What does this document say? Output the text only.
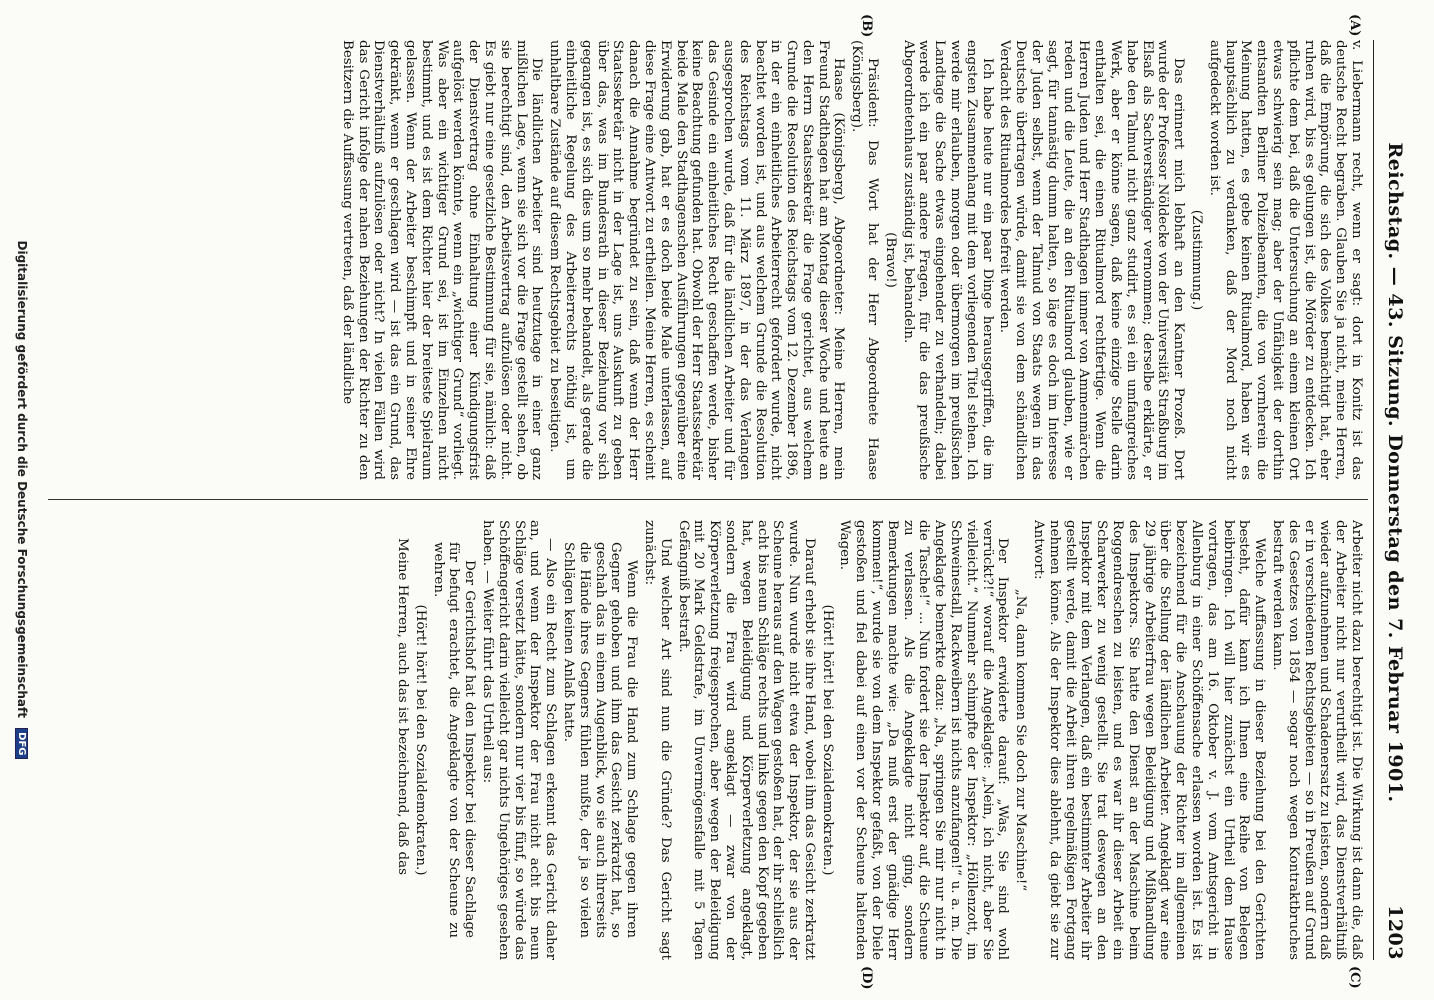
Reichstag. — 43. Sitzung. Donnerstag den 7. Februar 1901.
1203
(A)
(B)
(C)
(D)

v. Liebermann recht, wenn er sagt: dort in Konitz ist das deutsche Recht begraben. Glauben Sie ja nicht, meine Herren, daß die Empörung, die sich des Volkes bemächtigt hat, eher ruhen wird, bis es gelungen ist, die Mörder zu entdecken. Ich pflichte dem bei, daß die Untersuchung an einem kleinen Ort etwas schwierig sein mag; aber der Unfähigkeit der dorthin entsandten Berliner Polizeibeamten, die von vornherein die Meinung hatten, es gebe keinen Ritualmord, haben wir es hauptsächlich zu verdanken, daß der Mord noch nicht aufgedeckt worden ist.

(Zustimmung.)

Das erinnert mich lebhaft an den Kantner Prozeß. Dort wurde der Professor Nöldecke von der Universität Straßburg im Elsaß als Sachverständiger vernommen; derselbe erklärte, er habe den Talmud nicht ganz studirt, es sei ein umfangreiches Werk, aber er könne sagen, daß keine einzige Stelle darin enthalten sei, die einen Ritualmord rechtfertige. Wenn die Herren Juden und Herr Stadthagen immer von Ammenmärchen reden und die Leute, die an den Ritualmord glauben, wie er sagt, für tannästig dumm halten, so läge es doch im Interesse der Juden selbst, wenn der Talmud von Staats wegen in das Deutsche übertragen würde, damit sie von dem schändlichen Verdacht des Ritualmordes befreit werden.

Ich habe heute nur ein paar Dinge herausgegriffen, die im engsten Zusammenhang mit dem vorliegenden Titel stehen. Ich werde mir erlauben, morgen oder übermorgen im preußischen Landtage die Sache etwas eingehender zu verhandeln; dabei werde ich ein paar andere Fragen, für die das preußische Abgeordnetenhaus zuständig ist, behandeln.

(Bravo!)

Präsident: Das Wort hat der Herr Abgeordnete Haase (Königsberg).

Haase (Königsberg), Abgeordneter: Meine Herren, mein Freund Stadthagen hat am Montag dieser Woche und heute an den Herrn Staatssekretär die Frage gerichtet, aus welchem Grunde die Resolution des Reichstags vom 12. Dezember 1896, in der ein einheitliches Arbeiterrecht gefordert wurde, nicht beachtet worden ist, und aus welchem Grunde die Resolution des Reichstags vom 11. März 1897, in der das Verlangen ausgesprochen wurde, daß für die ländlichen Arbeiter und für das Gesinde ein einheitliches Recht geschaffen werde, bisher keine Beachtung gefunden hat. Obwohl der Herr Staatssekretär beide Male den Stadthagenschen Ausführungen gegenüber eine Erwiderung gab, hat er es doch beide Male unterlassen, auf diese Frage eine Antwort zu ertheilen. Meine Herren, es scheint danach die Annahme begründet zu sein, daß wenn der Herr Staatssekretär nicht in der Lage ist, uns Auskunft zu geben über das, was im Bundesrath in dieser Beziehung vor sich gegangen ist, es sich dies um so mehr behandelt, als gerade die einheitliche Regelung des Arbeiterrechts nöthig ist, um unhaltbare Zustände auf diesem Rechtsgebiet zu beseitigen.

Die ländlichen Arbeiter sind heutzutage in einer ganz mißlichen Lage, wenn sie sich vor die Frage gestellt sehen, ob sie berechtigt sind, den Arbeitsvertrag aufzulösen oder nicht. Es giebt nur eine gesetzliche Bestimmung für sie, nämlich: daß der Dienstvertrag ohne Einhaltung einer Kündigungsfrist aufgelöst werden könnte, wenn ein „wichtiger Grund“ vorliegt. Was aber ein wichtiger Grund sei, ist im Einzelnen nicht bestimmt, und es ist dem Richter hier der breiteste Spielraum gelassen. Wenn der Arbeiter beschimpft und in seiner Ehre gekränkt, wenn er geschlagen wird — ist das ein Grund, das Dienstverhältniß aufzulösen oder nicht? In vielen Fällen wird das Gericht infolge der nahen Beziehungen der Richter zu den Besitzern die Auffassung vertreten, daß der ländliche

Arbeiter nicht dazu berechtigt ist. Die Wirkung ist dann die, daß der Arbeiter nicht nur verurtheilt wird, das Dienstverhältniß wieder aufzunehmen und Schadenersatz zu leisten, sondern daß er in verschiedenen Rechtsgebieten — so in Preußen auf Grund des Gesetzes von 1854 — sogar noch wegen Kontraktbruches bestraft werden kann.

Welche Auffassung in dieser Beziehung bei den Gerichten besteht, dafür kann ich Ihnen eine Reihe von Belegen beibringen. Ich will hier zunächst ein Urtheil dem Hause vortragen, das am 16. Oktober v. J. vom Amtsgericht in Allenburg in einer Schöffensache erlassen worden ist. Es ist bezeichnend für die Anschauung der Richter im allgemeinen über die Stellung der ländlichen Arbeiter. Angeklagt war eine 29 jährige Arbeiterfrau wegen Beleidigung und Mißhandlung des Inspektors. Sie hatte den Dienst an der Maschine beim Roggendreschen zu leisten, und es war ihr dieser Arbeit ein Scharwerker zu wenig gestellt. Sie trat deswegen an den Inspektor mit dem Verlangen, daß ein bestimmter Arbeiter ihr gestellt werde, damit die Arbeit ihren regelmäßigen Fortgang nehmen könne. Als der Inspektor dies ablehnt, da giebt sie zur Antwort:

„Na, dann kommen Sie doch zur Maschine!“

Der Inspektor erwiderte darauf: „Was, Sie sind wohl verrückt?!“ worauf die Angeklagte: „Nein, ich nicht, aber Sie vielleicht.“ Nunmehr schimpfte der Inspektor: „Höllenzott, im Schweinestall, Rackweibern ist nichts anzufangen!“ u. a. m. Die Angeklagte bemerkte dazu: „Na, springen Sie mir nur nicht in die Tasche!“ ... Nun fordert sie der Inspektor auf, die Scheune zu verlassen. Als die Angeklagte nicht ging, sondern Bemerkungen machte wie: „Da muß erst der gnädige Herr kommen!“, wurde sie von dem Inspektor gefaßt, von der Diele gestoßen und fiel dabei auf einen vor der Scheune haltenden Wagen.

(Hört! hört! bei den Sozialdemokraten.)

Darauf erhebt sie ihre Hand, wobei ihm das Gesicht zerkratzt wurde. Nun wurde nicht etwa der Inspektor, der sie aus der Scheune heraus auf den Wagen gestoßen hat, der ihr schließlich acht bis neun Schläge rechts und links gegen den Kopf gegeben hat, wegen Beleidigung und Körperverletzung angeklagt, sondern die Frau wird angeklagt — zwar von der Körperverletzung freigesprochen, aber wegen der Beleidigung mit 20 Mark Geldstrafe, im Unvermögensfalle mit 5 Tagen Gefängniß bestraft.

Und welcher Art sind nun die Gründe? Das Gericht sagt zunächst:

Wenn die Frau die Hand zum Schlage gegen ihren Gegner gehoben und ihm das Gesicht zerkratzt hat, so geschah das in einem Augenblick, wo sie auch ihrerseits die Hände ihres Gegners fühlen mußte, der ja so vielen Schlägen keinen Anlaß hatte.

— Also ein Recht zum Schlagen erkennt das Gericht daher an, und wenn der Inspektor der Frau nicht acht bis neun Schläge versetzt hätte, sondern nur vier bis fünf, so würde das Schöffengericht darin vielleicht gar nichts Ungehöriges gesehen haben. — Weiter führt das Urtheil aus:

Der Gerichtshof hat den Inspektor bei dieser Sachlage für befugt erachtet, die Angeklagte von der Scheune zu wehren.

(Hört! hört! bei den Sozialdemokraten.)

Meine Herren, auch das ist bezeichnend, daß das

Digitalisierung gefördert durch die Deutsche Forschungsgemeinschaft DFG
